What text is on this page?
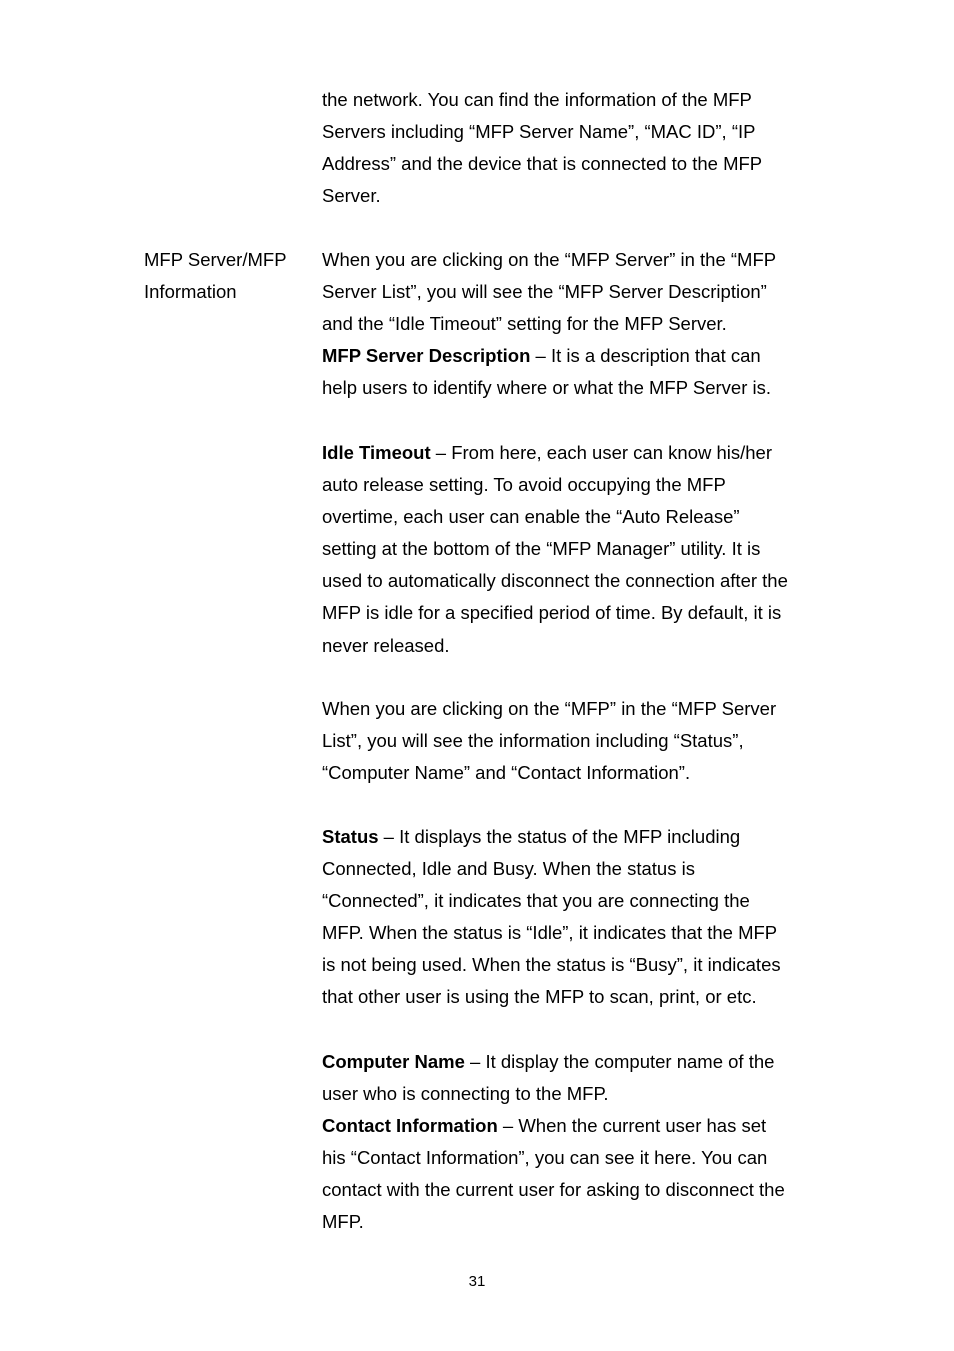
the network. You can find the information of the MFP

Servers including “MFP Server Name”, “MAC ID”, “IP

Address” and the device that is connected to the MFP

Server.

MFP Server/MFP

Information

When you are clicking on the “MFP Server” in the “MFP

Server List”, you will see the “MFP Server Description”

and the “Idle Timeout” setting for the MFP Server.

MFP Server Description – It is a description that can

help users to identify where or what the MFP Server is.

Idle Timeout – From here, each user can know his/her

auto release setting. To avoid occupying the MFP

overtime, each user can enable the “Auto Release”

setting at the bottom of the “MFP Manager” utility. It is

used to automatically disconnect the connection after the

MFP is idle for a specified period of time. By default, it is

never released.

When you are clicking on the “MFP” in the “MFP Server

List”, you will see the information including “Status”,

“Computer Name” and “Contact Information”.

Status – It displays the status of the MFP including

Connected, Idle and Busy. When the status is

“Connected”, it indicates that you are connecting the

MFP. When the status is “Idle”, it indicates that the MFP

is not being used. When the status is “Busy”, it indicates

that other user is using the MFP to scan, print, or etc.

Computer Name – It display the computer name of the

user who is connecting to the MFP.

Contact Information – When the current user has set

his “Contact Information”, you can see it here. You can

contact with the current user for asking to disconnect the

MFP.

31
